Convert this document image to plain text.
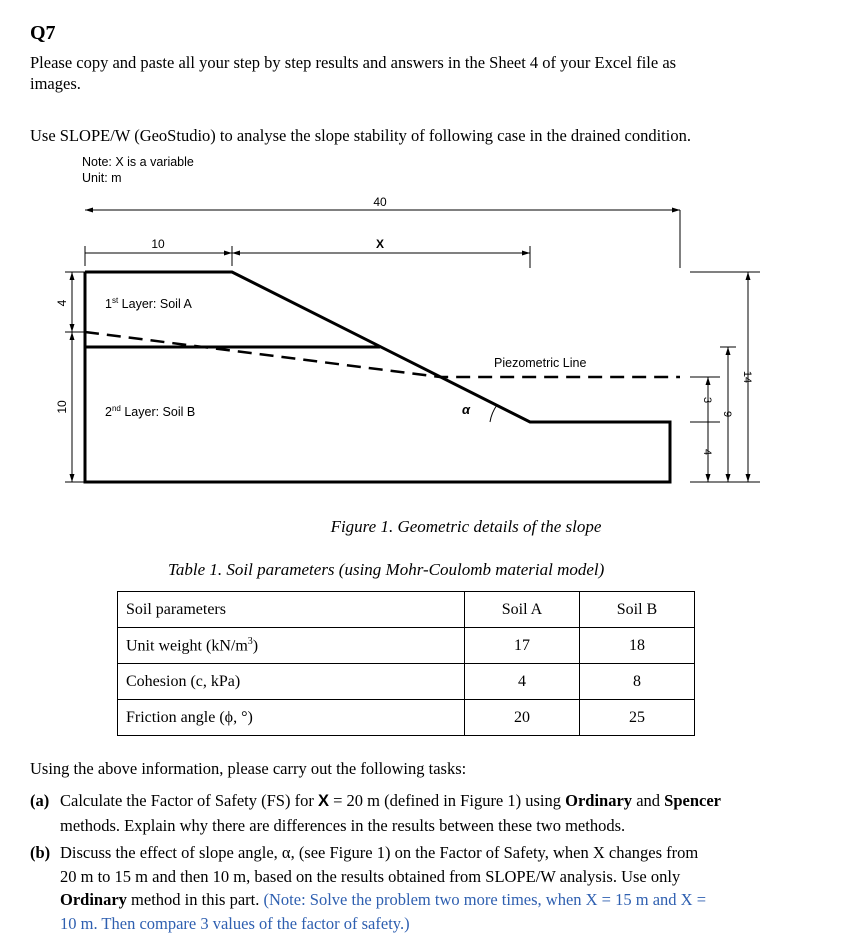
Q7
Please copy and paste all your step by step results and answers in the Sheet 4 of your Excel file as
images.
Use SLOPE/W (GeoStudio) to analyse the slope stability of following case in the drained condition.
Note: X is a variable
Unit: m
40
10	X
α
1st Layer: Soil A
2nd Layer: Soil B
Piezometric Line
4
10
3
4
9
14
Figure 1. Geometric details of the slope
Table 1. Soil parameters (using Mohr-Coulomb material model)
Soil parameters	Soil A	Soil B
Unit weight $(kN/m^3)$	17	18
Cohesion (c, kPa)	4	8
Friction angle (ϕ, °)	20	25
Using the above information, please carry out the following tasks:
(a) Calculate the Factor of Safety (FS) for X = 20 m (defined in Figure 1) using Ordinary and Spencer
methods. Explain why there are differences in the results between these two methods.
(b) Discuss the effect of slope angle, α, (see Figure 1) on the Factor of Safety, when X changes from
20 m to 15 m and then 10 m, based on the results obtained from SLOPE/W analysis. Use only
Ordinary method in this part. (Note: Solve the problem two more times, when X = 15 m and X =
10 m. Then compare 3 values of the factor of safety.)
